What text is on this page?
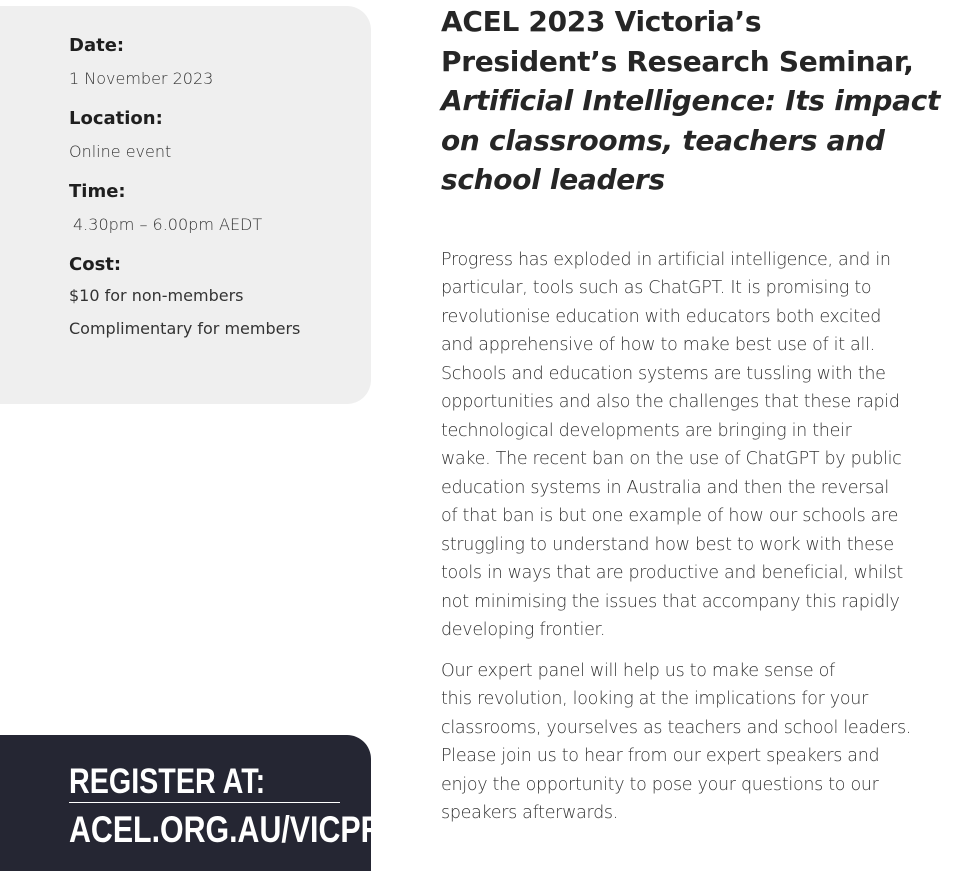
Date:
1 November 2023
Location:
Online event
Time:
4.30pm – 6.00pm AEDT
Cost:
$10 for non-members
Complimentary for members
REGISTER AT:
ACEL.ORG.AU/VICPRS
ACEL 2023 Victoria’s
President’s Research Seminar,
Artificial Intelligence: Its impact
on classrooms, teachers and
school leaders

Progress has exploded in artificial intelligence, and in
particular, tools such as ChatGPT. It is promising to
revolutionise education with educators both excited
and apprehensive of how to make best use of it all.
Schools and education systems are tussling with the
opportunities and also the challenges that these rapid
technological developments are bringing in their
wake. The recent ban on the use of ChatGPT by public
education systems in Australia and then the reversal
of that ban is but one example of how our schools are
struggling to understand how best to work with these
tools in ways that are productive and beneficial, whilst
not minimising the issues that accompany this rapidly
developing frontier.

Our expert panel will help us to make sense of
this revolution, looking at the implications for your
classrooms, yourselves as teachers and school leaders.
Please join us to hear from our expert speakers and
enjoy the opportunity to pose your questions to our
speakers afterwards.
